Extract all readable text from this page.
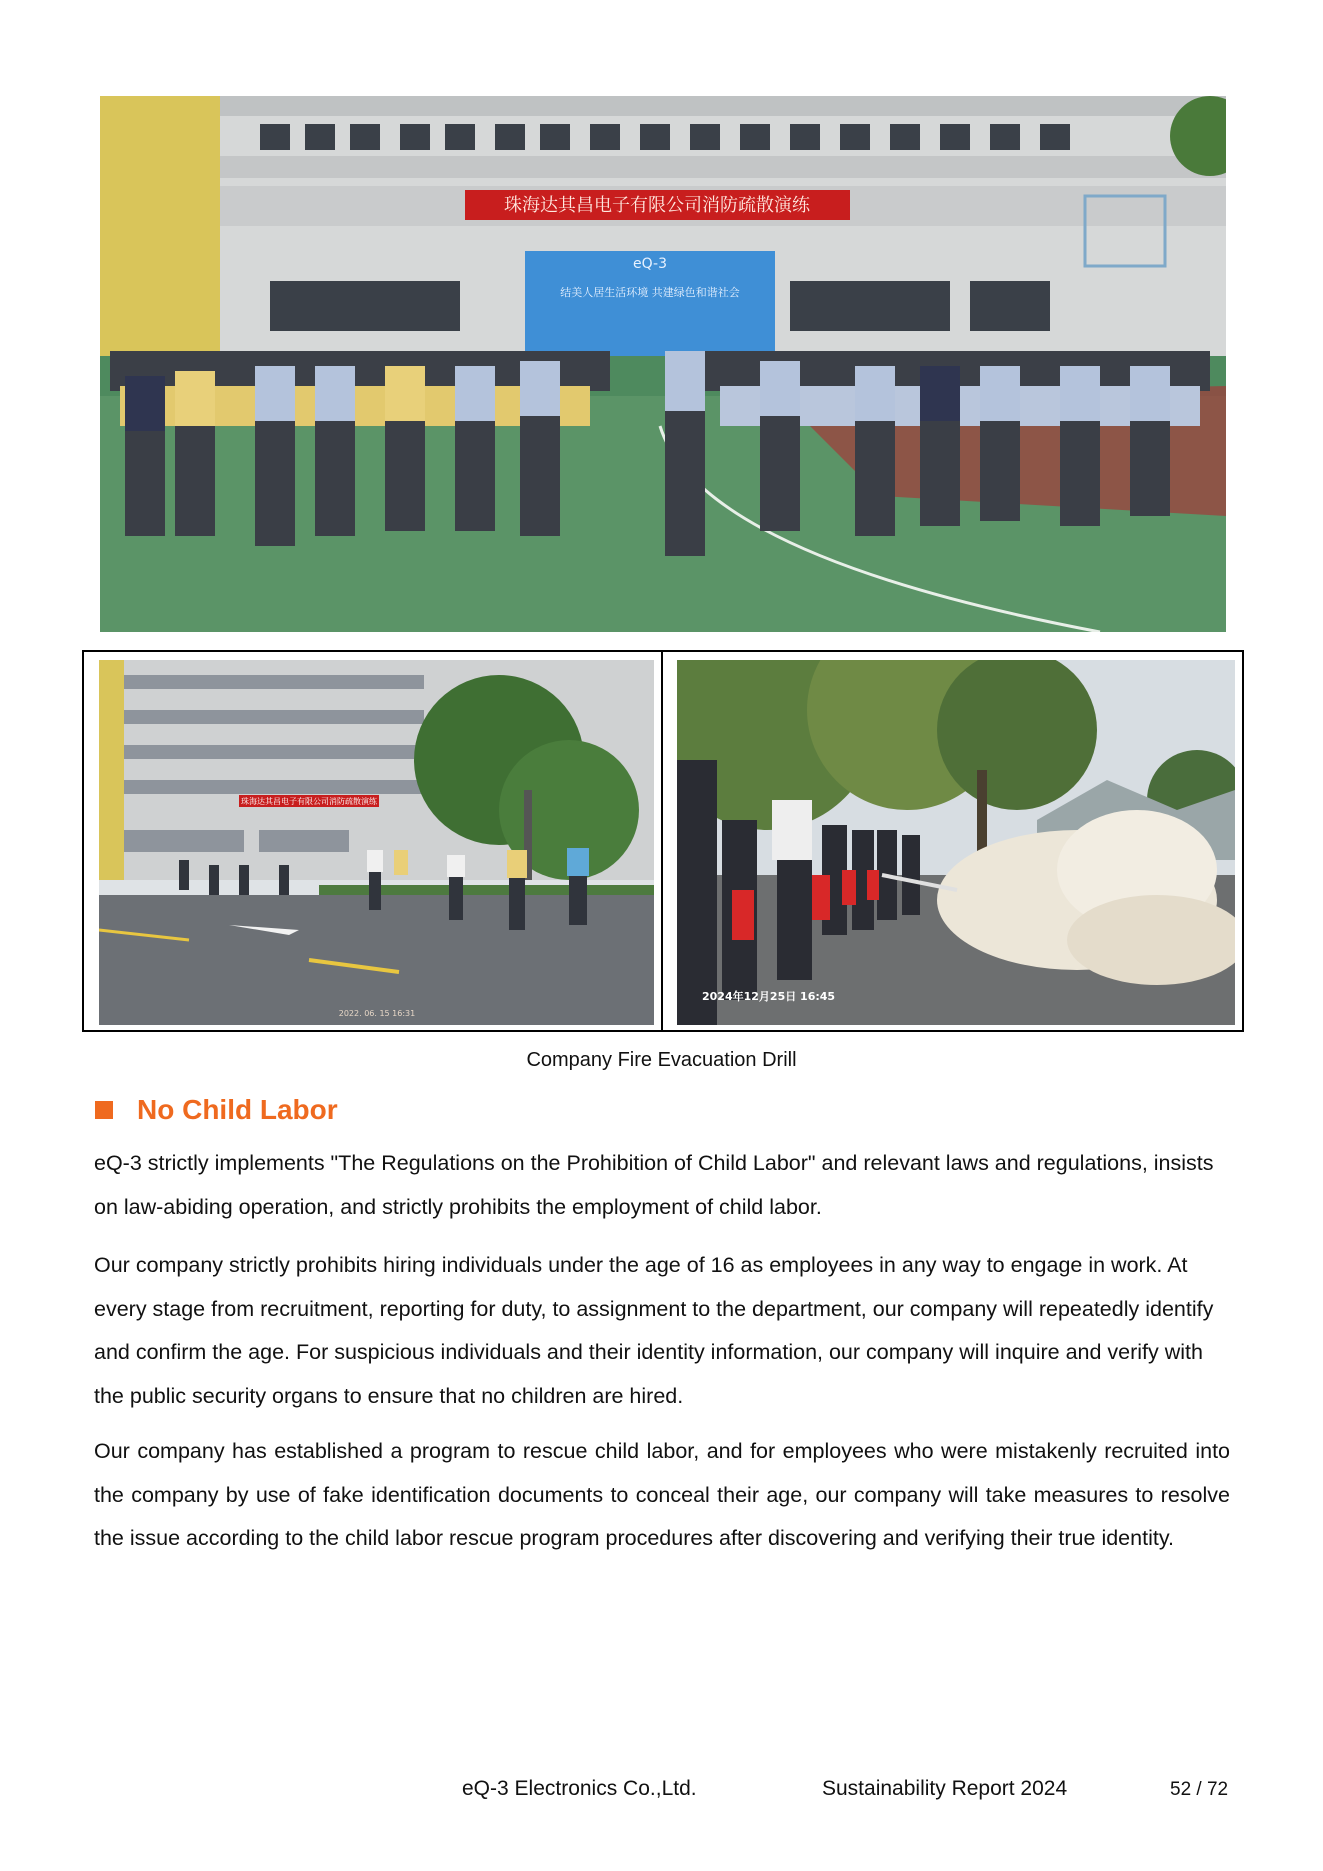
珠海达其昌电子有限公司消防疏散演练
eQ-3
结美人居生活环境 共建绿色和谐社会
珠海达其昌电子有限公司消防疏散演练
2022. 06. 15 16:31
2024年12月25日 16:45
Company Fire Evacuation Drill
No Child Labor

eQ-3 strictly implements "The Regulations on the Prohibition of Child Labor" and relevant laws and regulations, insists on law-abiding operation, and strictly prohibits the employment of child labor.

Our company strictly prohibits hiring individuals under the age of 16 as employees in any way to engage in work. At every stage from recruitment, reporting for duty, to assignment to the department, our company will repeatedly identify and confirm the age. For suspicious individuals and their identity information, our company will inquire and verify with the public security organs to ensure that no children are hired.

Our company has established a program to rescue child labor, and for employees who were mistakenly recruited into the company by use of fake identification documents to conceal their age, our company will take measures to resolve the issue according to the child labor rescue program procedures after discovering and verifying their true identity.

eQ-3 Electronics Co.,Ltd.	Sustainability Report 2024	52 / 72
